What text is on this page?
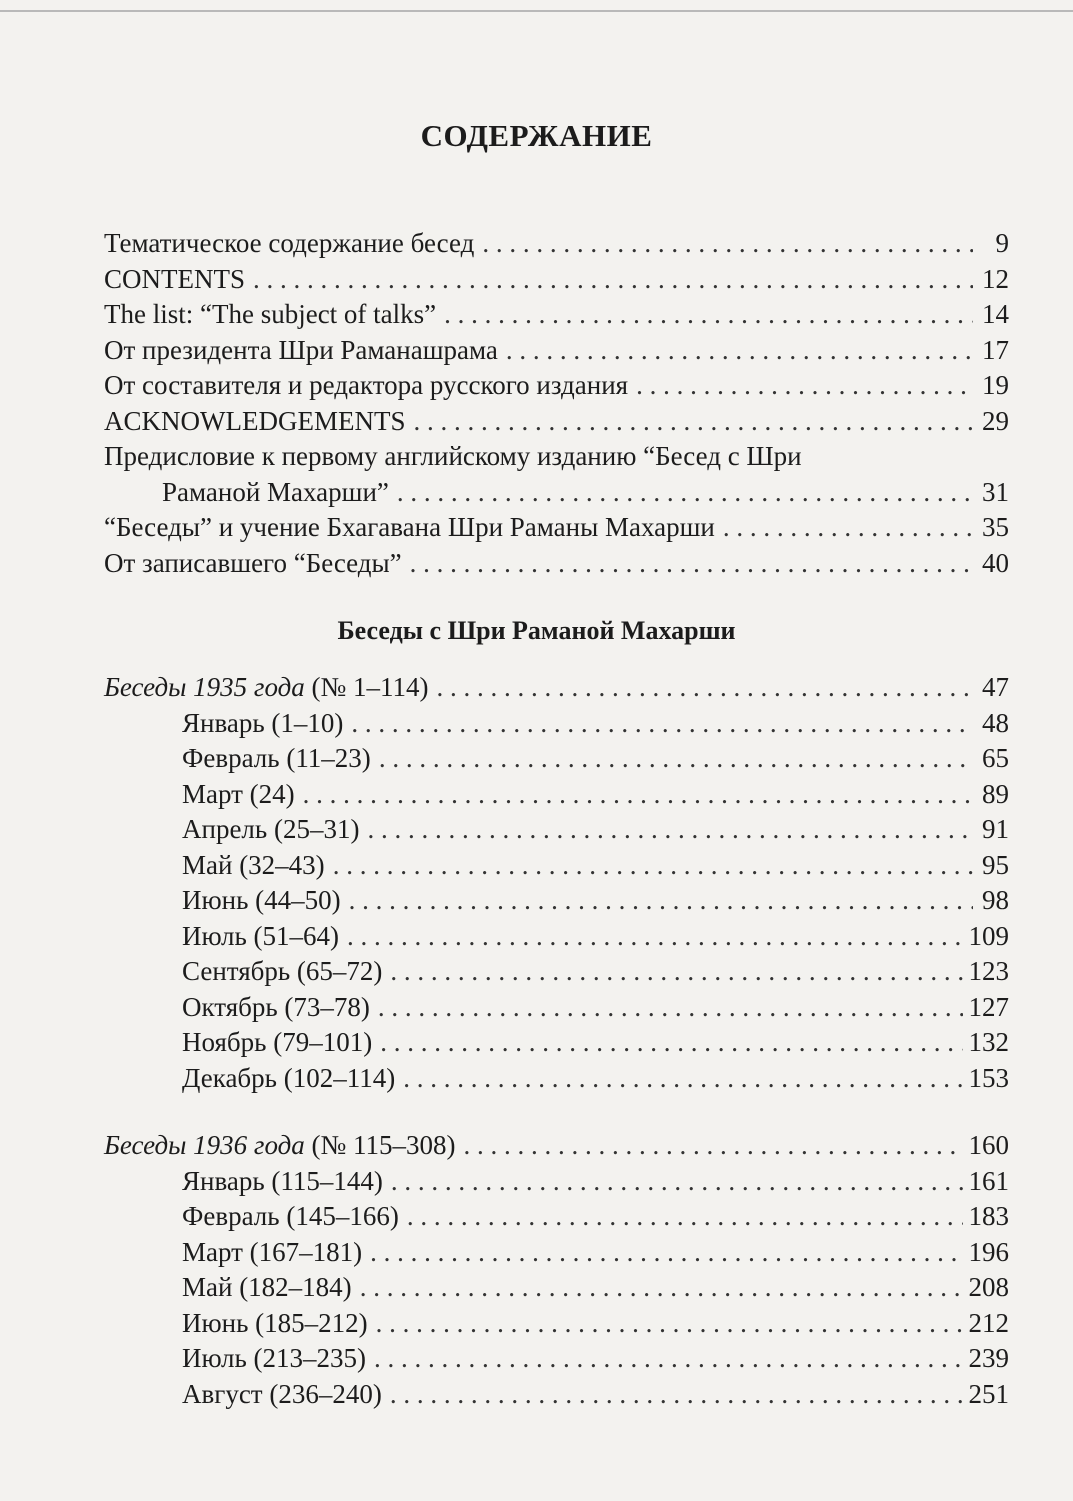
СОДЕРЖАНИЕ
Тематическое содержание бесед . . .	9
CONTENTS . . .	12
The list: “The subject of talks” . . .	14
От президента Шри Раманашрама . . .	17
От составителя и редактора русского издания . . .	19
ACKNOWLEDGEMENTS . . .	29
Предисловие к первому английскому изданию “Бесед с Шри
Раманой Махарши” . . .	31
“Беседы” и учение Бхагавана Шри Раманы Махарши . . .	35
От записавшего “Беседы” . . .	40
Беседы с Шри Раманой Махарши
Беседы 1935 года (№ 1–114) . . .	47
Январь (1–10) . . .	48
Февраль (11–23) . . .	65
Март (24) . . .	89
Апрель (25–31) . . .	91
Май (32–43) . . .	95
Июнь (44–50) . . .	98
Июль (51–64) . . .	109
Сентябрь (65–72) . . .	123
Октябрь (73–78) . . .	127
Ноябрь (79–101) . . .	132
Декабрь (102–114) . . .	153
Беседы 1936 года (№ 115–308) . . .	160
Январь (115–144) . . .	161
Февраль (145–166) . . .	183
Март (167–181) . . .	196
Май (182–184) . . .	208
Июнь (185–212) . . .	212
Июль (213–235) . . .	239
Август (236–240) . . .	251
